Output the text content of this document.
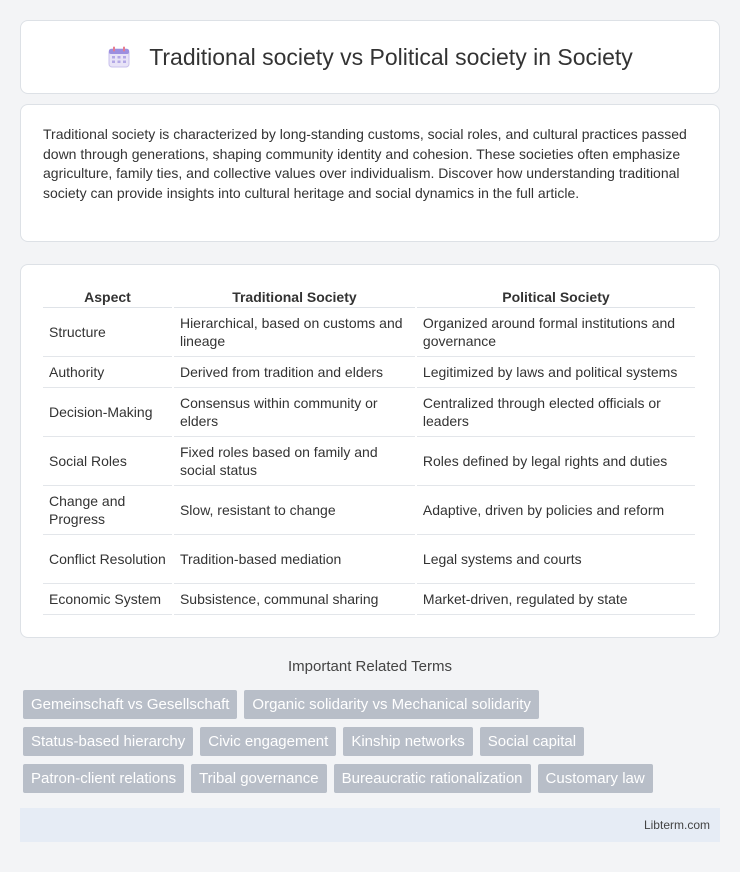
Traditional society vs Political society in Society

Traditional society is characterized by long-standing customs, social roles, and cultural practices passed down through generations, shaping community identity and cohesion. These societies often emphasize agriculture, family ties, and collective values over individualism. Discover how understanding traditional society can provide insights into cultural heritage and social dynamics in the full article.

Aspect	Traditional Society	Political Society
Structure	Hierarchical, based on customs and lineage	Organized around formal institutions and governance
Authority	Derived from tradition and elders	Legitimized by laws and political systems
Decision-Making	Consensus within community or elders	Centralized through elected officials or leaders
Social Roles	Fixed roles based on family and social status	Roles defined by legal rights and duties
Change and Progress	Slow, resistant to change	Adaptive, driven by policies and reform
Conflict Resolution	Tradition-based mediation	Legal systems and courts
Economic System	Subsistence, communal sharing	Market-driven, regulated by state
Important Related Terms
Gemeinschaft vs Gesellschaft	Organic solidarity vs Mechanical solidarity
Status-based hierarchy	Civic engagement	Kinship networks	Social capital
Patron-client relations	Tribal governance	Bureaucratic rationalization	Customary law
Libterm.com
